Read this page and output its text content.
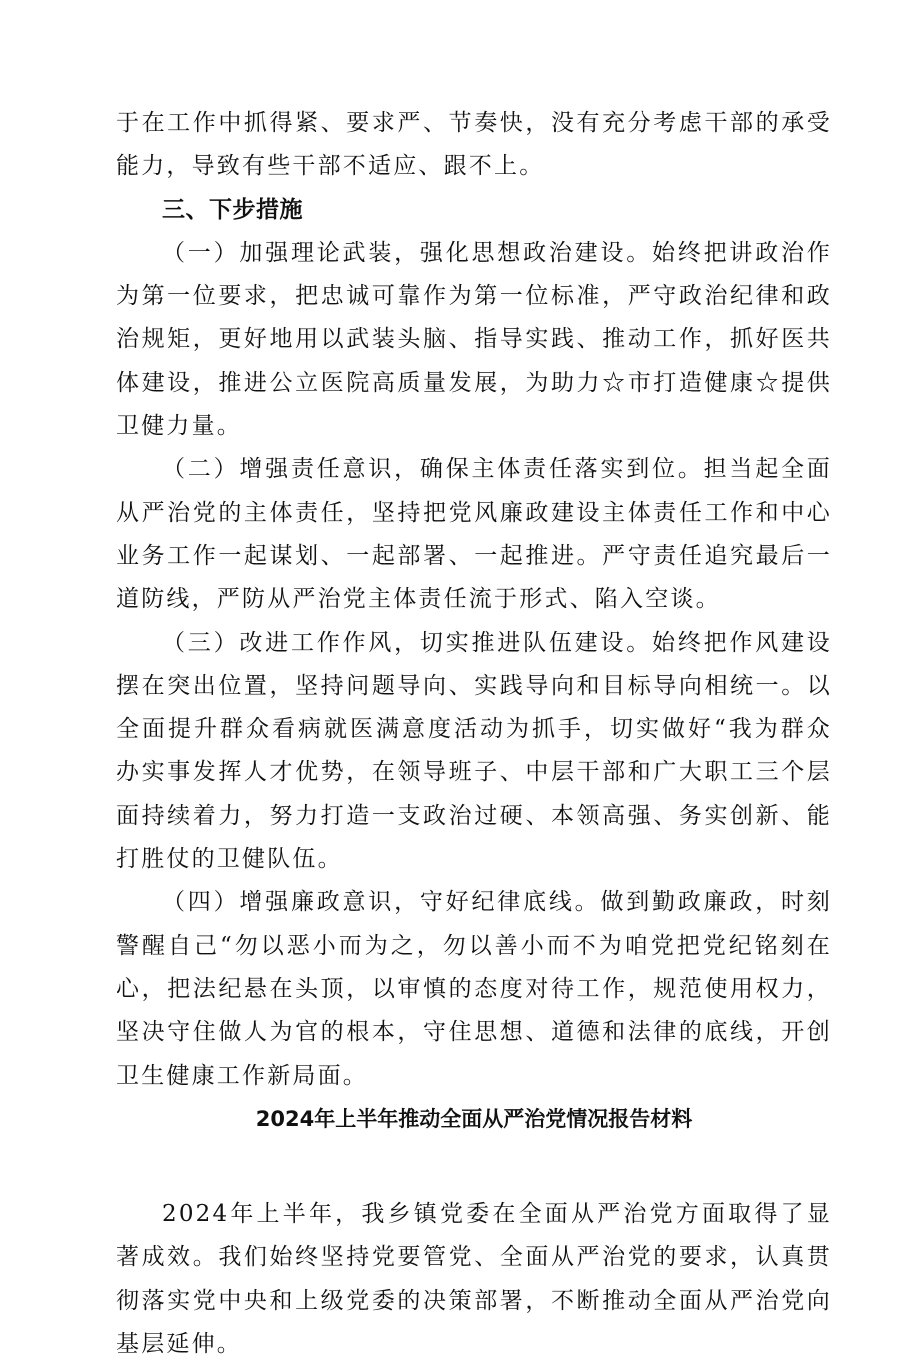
于在工作中抓得紧、要求严、节奏快，没有充分考虑干部的承受能力，导致有些干部不适应、跟不上。

三、下步措施

（一）加强理论武装，强化思想政治建设。始终把讲政治作为第一位要求，把忠诚可靠作为第一位标准，严守政治纪律和政治规矩，更好地用以武装头脑、指导实践、推动工作，抓好医共体建设，推进公立医院高质量发展，为助力☆市打造健康☆提供卫健力量。

（二）增强责任意识，确保主体责任落实到位。担当起全面从严治党的主体责任，坚持把党风廉政建设主体责任工作和中心业务工作一起谋划、一起部署、一起推进。严守责任追究最后一道防线，严防从严治党主体责任流于形式、陷入空谈。

（三）改进工作作风，切实推进队伍建设。始终把作风建设摆在突出位置，坚持问题导向、实践导向和目标导向相统一。以全面提升群众看病就医满意度活动为抓手，切实做好“我为群众办实事发挥人才优势，在领导班子、中层干部和广大职工三个层面持续着力，努力打造一支政治过硬、本领高强、务实创新、能打胜仗的卫健队伍。

（四）增强廉政意识，守好纪律底线。做到勤政廉政，时刻警醒自己“勿以恶小而为之，勿以善小而不为咱党把党纪铭刻在心，把法纪悬在头顶，以审慎的态度对待工作，规范使用权力，坚决守住做人为官的根本，守住思想、道德和法律的底线，开创卫生健康工作新局面。

2024年上半年推动全面从严治党情况报告材料

2024年上半年，我乡镇党委在全面从严治党方面取得了显著成效。我们始终坚持党要管党、全面从严治党的要求，认真贯彻落实党中央和上级党委的决策部署，不断推动全面从严治党向基层延伸。
